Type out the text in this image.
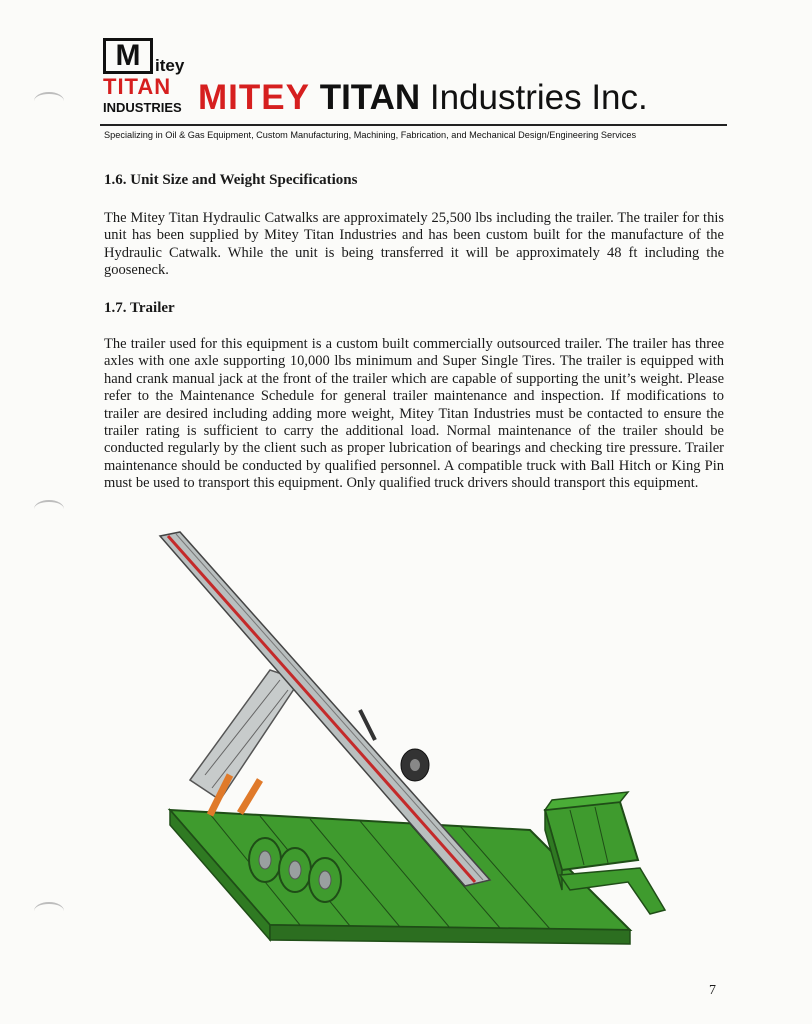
M itey
TITAN
INDUSTRIES MITEY TITAN Industries Inc.
Specializing in Oil & Gas Equipment, Custom Manufacturing, Machining, Fabrication, and Mechanical Design/Engineering Services
1.6. Unit Size and Weight Specifications

The Mitey Titan Hydraulic Catwalks are approximately 25,500 lbs including the trailer. The trailer for this unit has been supplied by Mitey Titan Industries and has been custom built for the manufacture of the Hydraulic Catwalk. While the unit is being transferred it will be approximately 48 ft including the gooseneck.

1.7. Trailer

The trailer used for this equipment is a custom built commercially outsourced trailer. The trailer has three axles with one axle supporting 10,000 lbs minimum and Super Single Tires. The trailer is equipped with hand crank manual jack at the front of the trailer which are capable of supporting the unit’s weight. Please refer to the Maintenance Schedule for general trailer maintenance and inspection. If modifications to trailer are desired including adding more weight, Mitey Titan Industries must be contacted to ensure the trailer rating is sufficient to carry the additional load. Normal maintenance of the trailer should be conducted regularly by the client such as proper lubrication of bearings and checking tire pressure. Trailer maintenance should be conducted by qualified personnel. A compatible truck with Ball Hitch or King Pin must be used to transport this equipment. Only qualified truck drivers should transport this equipment.

7
